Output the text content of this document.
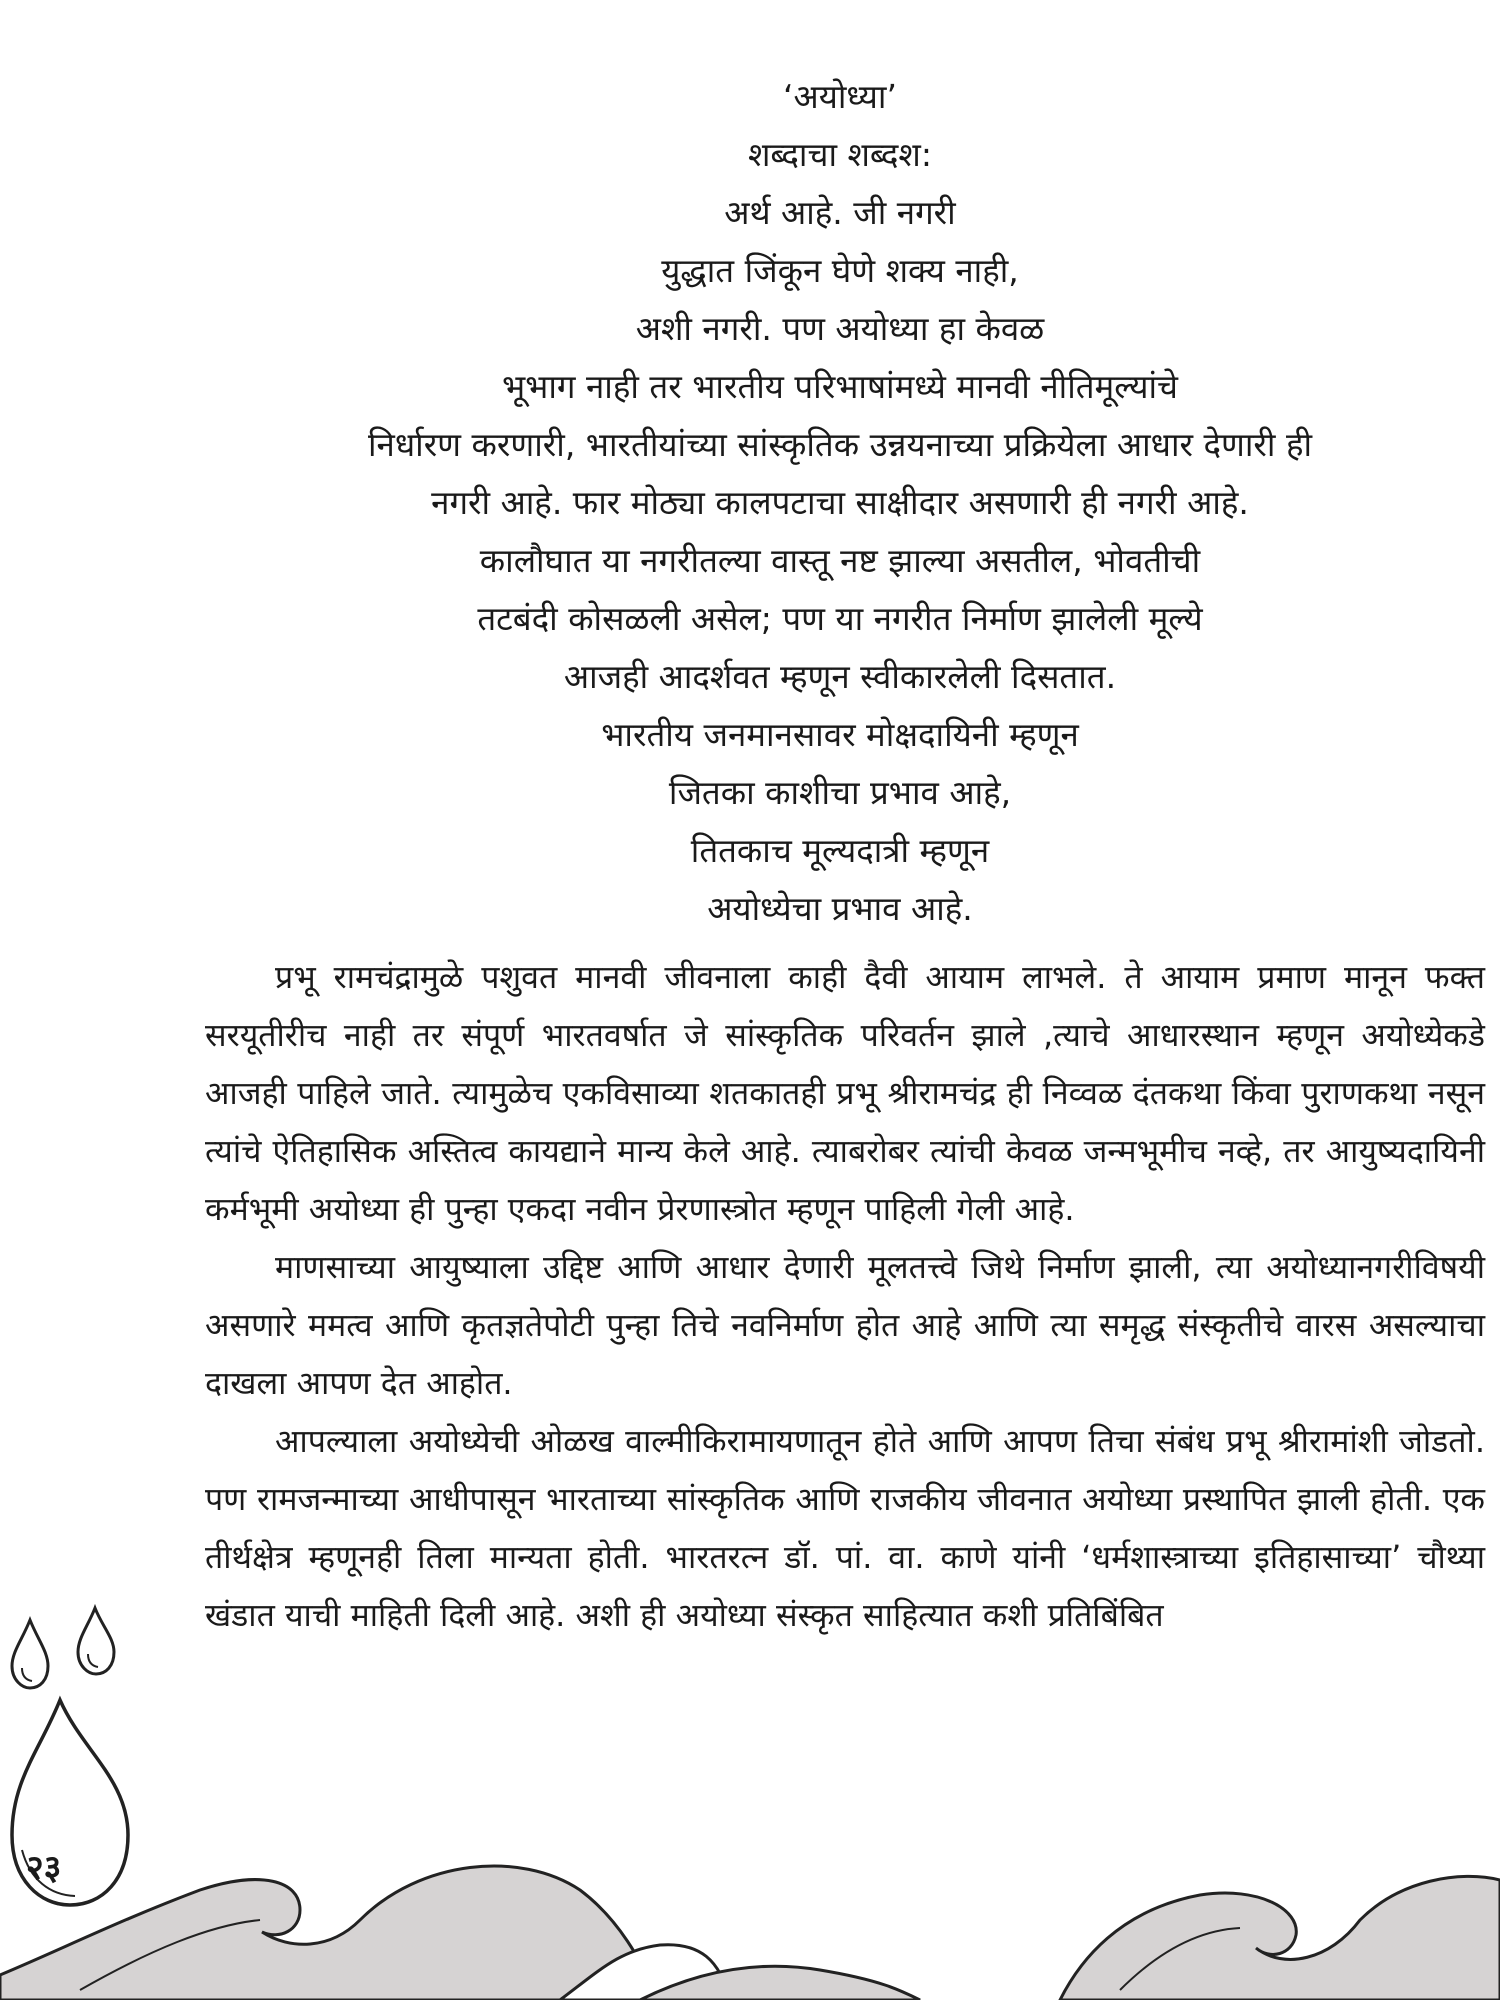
‘अयोध्या’
शब्दाचा शब्दश:
अर्थ आहे. जी नगरी
युद्धात जिंकून घेणे शक्य नाही,
अशी नगरी. पण अयोध्या हा केवळ
भूभाग नाही तर भारतीय परिभाषांमध्ये मानवी नीतिमूल्यांचे
निर्धारण करणारी, भारतीयांच्या सांस्कृतिक उन्नयनाच्या प्रक्रियेला आधार देणारी ही
नगरी आहे. फार मोठ्या कालपटाचा साक्षीदार असणारी ही नगरी आहे.
कालौघात या नगरीतल्या वास्तू नष्ट झाल्या असतील, भोवतीची
तटबंदी कोसळली असेल; पण या नगरीत निर्माण झालेली मूल्ये
आजही आदर्शवत म्हणून स्वीकारलेली दिसतात.
भारतीय जनमानसावर मोक्षदायिनी म्हणून
जितका काशीचा प्रभाव आहे,
तितकाच मूल्यदात्री म्हणून
अयोध्येचा प्रभाव आहे.

प्रभू रामचंद्रामुळे पशुवत मानवी जीवनाला काही दैवी आयाम लाभले. ते आयाम प्रमाण मानून फक्त सरयूतीरीच नाही तर संपूर्ण भारतवर्षात जे सांस्कृतिक परिवर्तन झाले ,त्याचे आधारस्थान म्हणून अयोध्येकडे आजही पाहिले जाते. त्यामुळेच एकविसाव्या शतकातही प्रभू श्रीरामचंद्र ही निव्वळ दंतकथा किंवा पुराणकथा नसून त्यांचे ऐतिहासिक अस्तित्व कायद्याने मान्य केले आहे. त्याबरोबर त्यांची केवळ जन्मभूमीच नव्हे, तर आयुष्यदायिनी कर्मभूमी अयोध्या ही पुन्हा एकदा नवीन प्रेरणास्त्रोत म्हणून पाहिली गेली आहे.

माणसाच्या आयुष्याला उद्दिष्ट आणि आधार देणारी मूलतत्त्वे जिथे निर्माण झाली, त्या अयोध्यानगरीविषयी असणारे ममत्व आणि कृतज्ञतेपोटी पुन्हा तिचे नवनिर्माण होत आहे आणि त्या समृद्ध संस्कृतीचे वारस असल्याचा दाखला आपण देत आहोत.

आपल्याला अयोध्येची ओळख वाल्मीकिरामायणातून होते आणि आपण तिचा संबंध प्रभू श्रीरामांशी जोडतो. पण रामजन्माच्या आधीपासून भारताच्या सांस्कृतिक आणि राजकीय जीवनात अयोध्या प्रस्थापित झाली होती. एक तीर्थक्षेत्र म्हणूनही तिला मान्यता होती. भारतरत्न डॉ. पां. वा. काणे यांनी ‘धर्मशास्त्राच्या इतिहासाच्या’ चौथ्या खंडात याची माहिती दिली आहे. अशी ही अयोध्या संस्कृत साहित्यात कशी प्रतिबिंबित

२३
